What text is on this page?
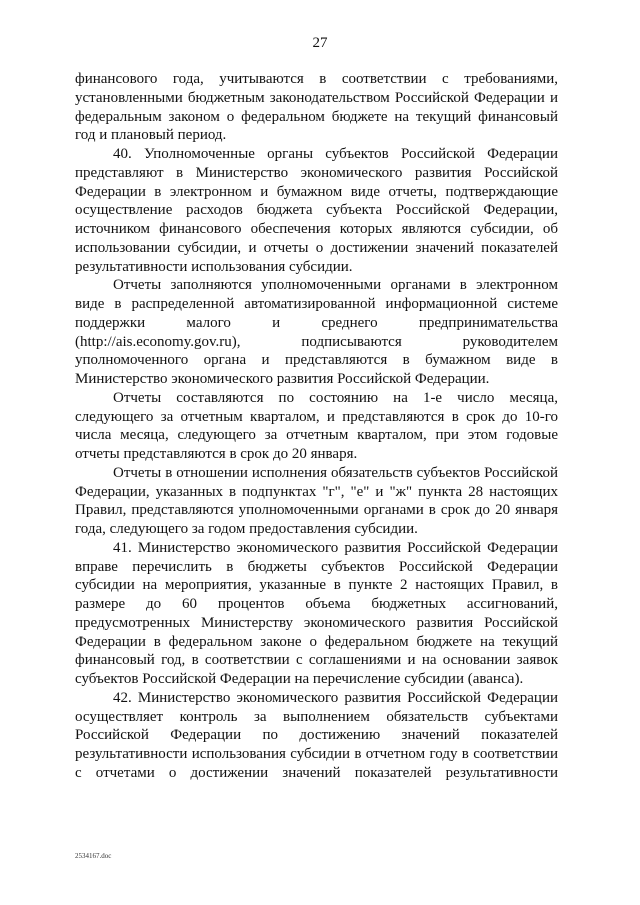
27

финансового года, учитываются в соответствии с требованиями, установленными бюджетным законодательством Российской Федерации и федеральным законом о федеральном бюджете на текущий финансовый год и плановый период.

40. Уполномоченные органы субъектов Российской Федерации представляют в Министерство экономического развития Российской Федерации в электронном и бумажном виде отчеты, подтверждающие осуществление расходов бюджета субъекта Российской Федерации, источником финансового обеспечения которых являются субсидии, об использовании субсидии, и отчеты о достижении значений показателей результативности использования субсидии.

Отчеты заполняются уполномоченными органами в электронном виде в распределенной автоматизированной информационной системе поддержки малого и среднего предпринимательства (http://ais.economy.gov.ru), подписываются руководителем уполномоченного органа и представляются в бумажном виде в Министерство экономического развития Российской Федерации.

Отчеты составляются по состоянию на 1-е число месяца, следующего за отчетным кварталом, и представляются в срок до 10-го числа месяца, следующего за отчетным кварталом, при этом годовые отчеты представляются в срок до 20 января.

Отчеты в отношении исполнения обязательств субъектов Российской Федерации, указанных в подпунктах "г", "е" и "ж" пункта 28 настоящих Правил, представляются уполномоченными органами в срок до 20 января года, следующего за годом предоставления субсидии.

41. Министерство экономического развития Российской Федерации вправе перечислить в бюджеты субъектов Российской Федерации субсидии на мероприятия, указанные в пункте 2 настоящих Правил, в размере до 60 процентов объема бюджетных ассигнований, предусмотренных Министерству экономического развития Российской Федерации в федеральном законе о федеральном бюджете на текущий финансовый год, в соответствии с соглашениями и на основании заявок субъектов Российской Федерации на перечисление субсидии (аванса).

42. Министерство экономического развития Российской Федерации осуществляет контроль за выполнением обязательств субъектами Российской Федерации по достижению значений показателей результативности использования субсидии в отчетном году в соответствии с отчетами о достижении значений показателей результативности

2534167.doc
